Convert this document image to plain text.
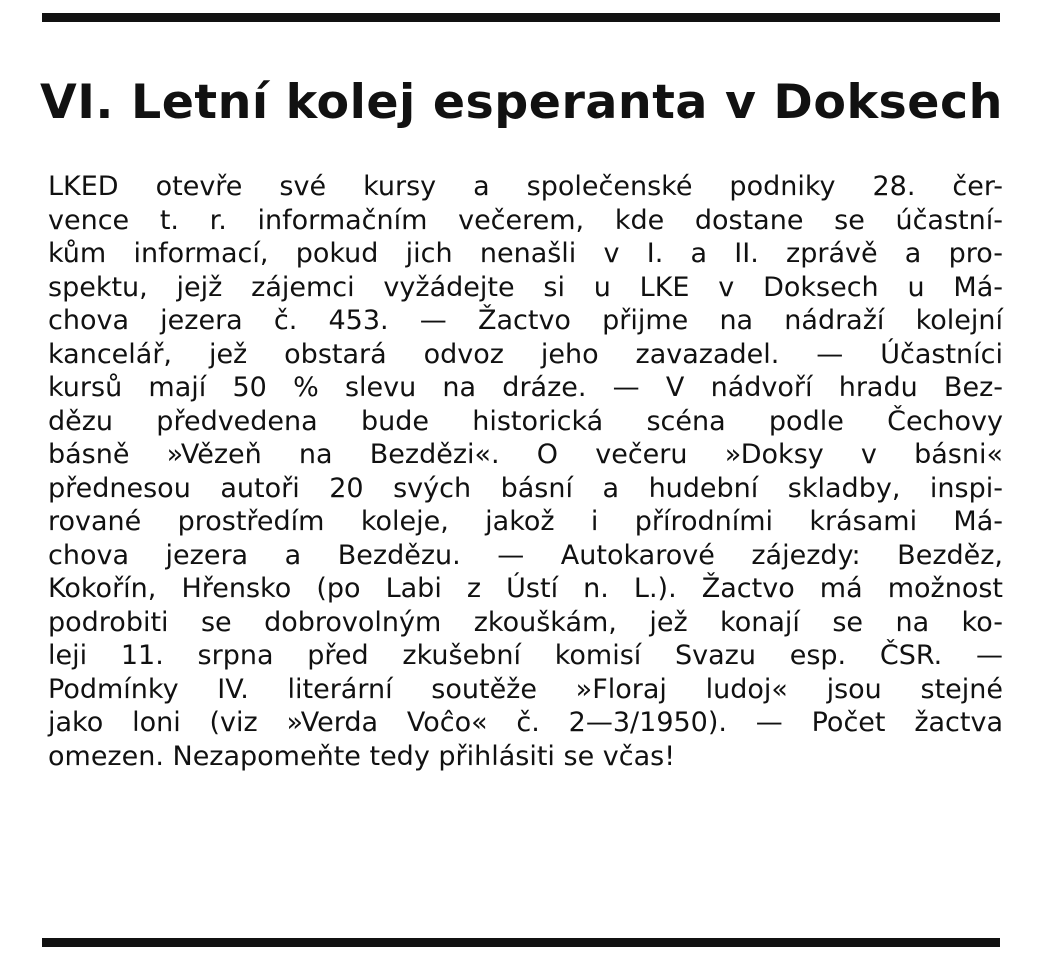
VI. Letní kolej esperanta v Doksech
LKED otevře své kursy a společenské podniky 28. čer-
vence t. r. informačním večerem, kde dostane se účastní-
kům informací, pokud jich nenašli v I. a II. zprávě a pro-
spektu, jejž zájemci vyžádejte si u LKE v Doksech u Má-
chova jezera č. 453. — Žactvo přijme na nádraží kolejní
kancelář, jež obstará odvoz jeho zavazadel. — Účastníci
kursů mají 50 % slevu na dráze. — V nádvoří hradu Bez-
dězu předvedena bude historická scéna podle Čechovy
básně »Vězeň na Bezdězi«. O večeru »Doksy v básni«
přednesou autoři 20 svých básní a hudební skladby, inspi-
rované prostředím koleje, jakož i přírodními krásami Má-
chova jezera a Bezdězu. — Autokarové zájezdy: Bezděz,
Kokořín, Hřensko (po Labi z Ústí n. L.). Žactvo má možnost
podrobiti se dobrovolným zkouškám, jež konají se na ko-
leji 11. srpna před zkušební komisí Svazu esp. ČSR. —
Podmínky IV. literární soutěže »Floraj ludoj« jsou stejné
jako loni (viz »Verda Voĉo« č. 2—3/1950). — Počet žactva
omezen. Nezapomeňte tedy přihlásiti se včas!
